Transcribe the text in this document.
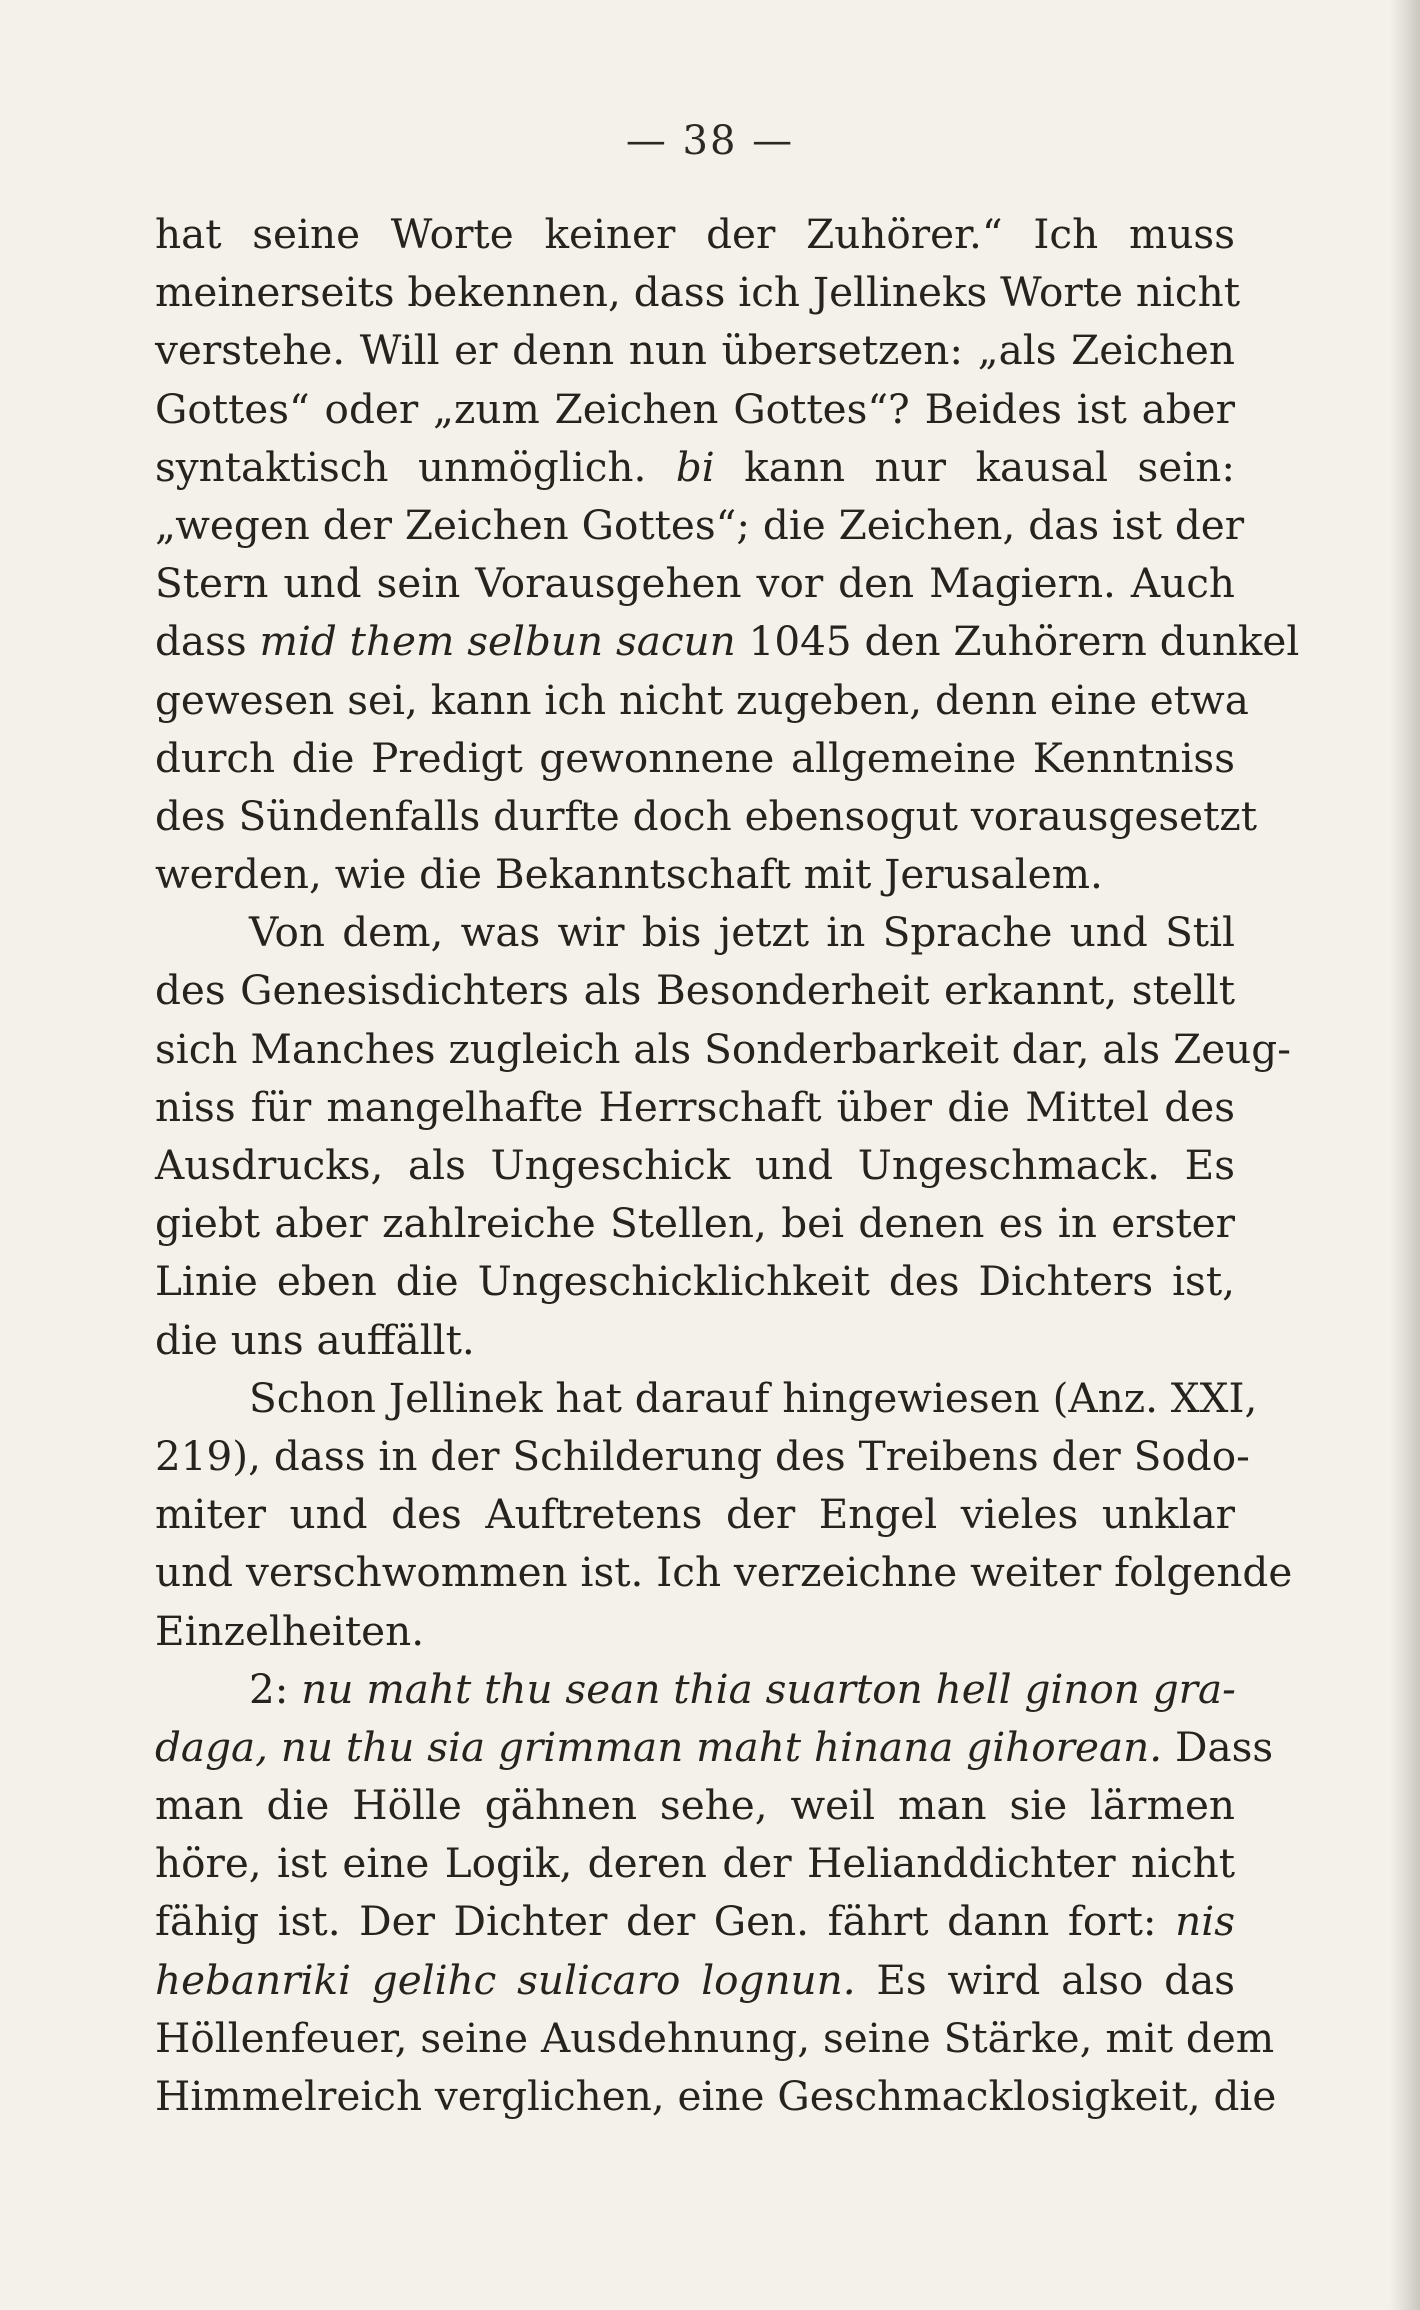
— 38 —
hat seine Worte keiner der Zuhörer.“ Ich muss
meinerseits bekennen, dass ich Jellineks Worte nicht
verstehe. Will er denn nun übersetzen: „als Zeichen
Gottes“ oder „zum Zeichen Gottes“? Beides ist aber
syntaktisch unmöglich. bi kann nur kausal sein:
„wegen der Zeichen Gottes“; die Zeichen, das ist der
Stern und sein Vorausgehen vor den Magiern. Auch
dass mid them selbun sacun 1045 den Zuhörern dunkel
gewesen sei, kann ich nicht zugeben, denn eine etwa
durch die Predigt gewonnene allgemeine Kenntniss
des Sündenfalls durfte doch ebensogut vorausgesetzt
werden, wie die Bekanntschaft mit Jerusalem.
Von dem, was wir bis jetzt in Sprache und Stil
des Genesisdichters als Besonderheit erkannt, stellt
sich Manches zugleich als Sonderbarkeit dar, als Zeug-
niss für mangelhafte Herrschaft über die Mittel des
Ausdrucks, als Ungeschick und Ungeschmack. Es
giebt aber zahlreiche Stellen, bei denen es in erster
Linie eben die Ungeschicklichkeit des Dichters ist,
die uns auffällt.
Schon Jellinek hat darauf hingewiesen (Anz. XXI,
219), dass in der Schilderung des Treibens der Sodo-
miter und des Auftretens der Engel vieles unklar
und verschwommen ist. Ich verzeichne weiter folgende
Einzelheiten.
2: nu maht thu sean thia suarton hell ginon gra-
daga, nu thu sia grimman maht hinana gihorean. Dass
man die Hölle gähnen sehe, weil man sie lärmen
höre, ist eine Logik, deren der Helianddichter nicht
fähig ist. Der Dichter der Gen. fährt dann fort: nis
hebanriki gelihc sulicaro lognun. Es wird also das
Höllenfeuer, seine Ausdehnung, seine Stärke, mit dem
Himmelreich verglichen, eine Geschmacklosigkeit, die
